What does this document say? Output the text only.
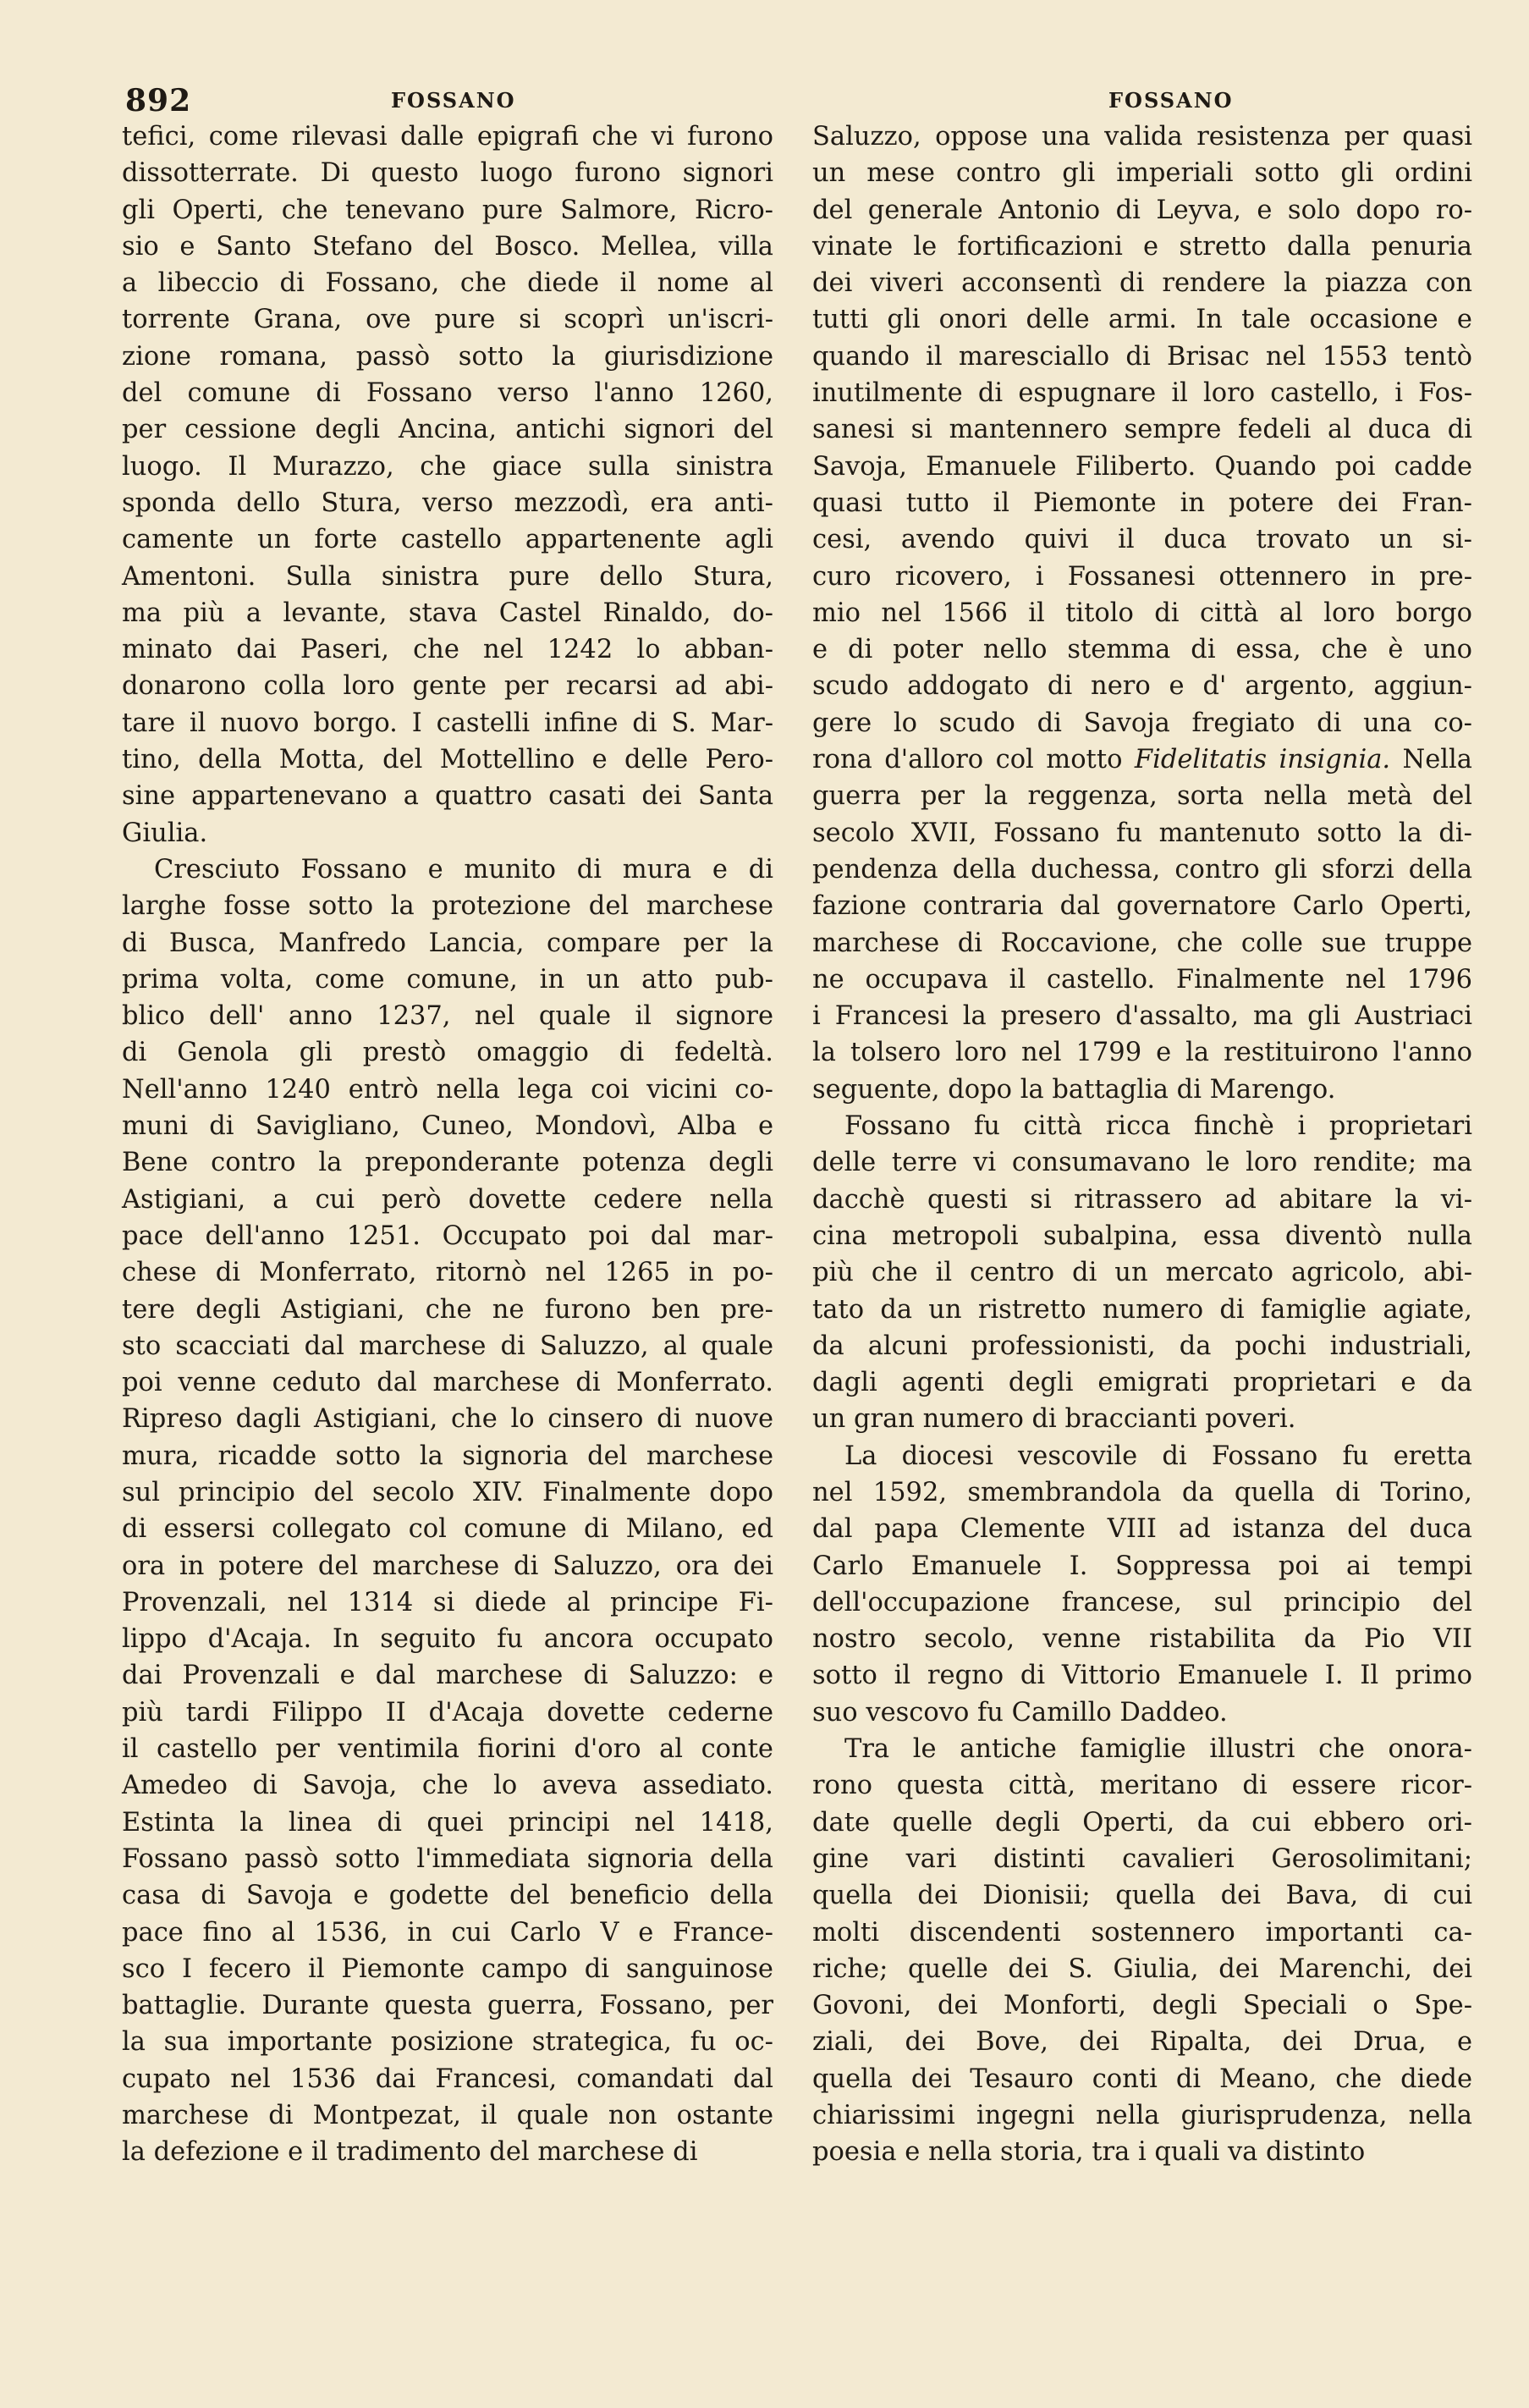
892	FOSSANO	FOSSANO
tefici, come rilevasi dalle epigrafi che vi furono
dissotterrate. Di questo luogo furono signori
gli Operti, che tenevano pure Salmore, Ricro-
sio e Santo Stefano del Bosco. Mellea, villa
a libeccio di Fossano, che diede il nome al
torrente Grana, ove pure si scoprì un'iscri-
zione romana, passò sotto la giurisdizione
del comune di Fossano verso l'anno 1260,
per cessione degli Ancina, antichi signori del
luogo. Il Murazzo, che giace sulla sinistra
sponda dello Stura, verso mezzodì, era anti-
camente un forte castello appartenente agli
Amentoni. Sulla sinistra pure dello Stura,
ma più a levante, stava Castel Rinaldo, do-
minato dai Paseri, che nel 1242 lo abban-
donarono colla loro gente per recarsi ad abi-
tare il nuovo borgo. I castelli infine di S. Mar-
tino, della Motta, del Mottellino e delle Pero-
sine appartenevano a quattro casati dei Santa
Giulia.
Cresciuto Fossano e munito di mura e di
larghe fosse sotto la protezione del marchese
di Busca, Manfredo Lancia, compare per la
prima volta, come comune, in un atto pub-
blico dell' anno 1237, nel quale il signore
di Genola gli prestò omaggio di fedeltà.
Nell'anno 1240 entrò nella lega coi vicini co-
muni di Savigliano, Cuneo, Mondovì, Alba e
Bene contro la preponderante potenza degli
Astigiani, a cui però dovette cedere nella
pace dell'anno 1251. Occupato poi dal mar-
chese di Monferrato, ritornò nel 1265 in po-
tere degli Astigiani, che ne furono ben pre-
sto scacciati dal marchese di Saluzzo, al quale
poi venne ceduto dal marchese di Monferrato.
Ripreso dagli Astigiani, che lo cinsero di nuove
mura, ricadde sotto la signoria del marchese
sul principio del secolo XIV. Finalmente dopo
di essersi collegato col comune di Milano, ed
ora in potere del marchese di Saluzzo, ora dei
Provenzali, nel 1314 si diede al principe Fi-
lippo d'Acaja. In seguito fu ancora occupato
dai Provenzali e dal marchese di Saluzzo: e
più tardi Filippo II d'Acaja dovette cederne
il castello per ventimila fiorini d'oro al conte
Amedeo di Savoja, che lo aveva assediato.
Estinta la linea di quei principi nel 1418,
Fossano passò sotto l'immediata signoria della
casa di Savoja e godette del beneficio della
pace fino al 1536, in cui Carlo V e France-
sco I fecero il Piemonte campo di sanguinose
battaglie. Durante questa guerra, Fossano, per
la sua importante posizione strategica, fu oc-
cupato nel 1536 dai Francesi, comandati dal
marchese di Montpezat, il quale non ostante
la defezione e il tradimento del marchese di
Saluzzo, oppose una valida resistenza per quasi
un mese contro gli imperiali sotto gli ordini
del generale Antonio di Leyva, e solo dopo ro-
vinate le fortificazioni e stretto dalla penuria
dei viveri acconsentì di rendere la piazza con
tutti gli onori delle armi. In tale occasione e
quando il maresciallo di Brisac nel 1553 tentò
inutilmente di espugnare il loro castello, i Fos-
sanesi si mantennero sempre fedeli al duca di
Savoja, Emanuele Filiberto. Quando poi cadde
quasi tutto il Piemonte in potere dei Fran-
cesi, avendo quivi il duca trovato un si-
curo ricovero, i Fossanesi ottennero in pre-
mio nel 1566 il titolo di città al loro borgo
e di poter nello stemma di essa, che è uno
scudo addogato di nero e d' argento, aggiun-
gere lo scudo di Savoja fregiato di una co-
rona d'alloro col motto Fidelitatis insignia. Nella
guerra per la reggenza, sorta nella metà del
secolo XVII, Fossano fu mantenuto sotto la di-
pendenza della duchessa, contro gli sforzi della
fazione contraria dal governatore Carlo Operti,
marchese di Roccavione, che colle sue truppe
ne occupava il castello. Finalmente nel 1796
i Francesi la presero d'assalto, ma gli Austriaci
la tolsero loro nel 1799 e la restituirono l'anno
seguente, dopo la battaglia di Marengo.
Fossano fu città ricca finchè i proprietari
delle terre vi consumavano le loro rendite; ma
dacchè questi si ritrassero ad abitare la vi-
cina metropoli subalpina, essa diventò nulla
più che il centro di un mercato agricolo, abi-
tato da un ristretto numero di famiglie agiate,
da alcuni professionisti, da pochi industriali,
dagli agenti degli emigrati proprietari e da
un gran numero di braccianti poveri.
La diocesi vescovile di Fossano fu eretta
nel 1592, smembrandola da quella di Torino,
dal papa Clemente VIII ad istanza del duca
Carlo Emanuele I. Soppressa poi ai tempi
dell'occupazione francese, sul principio del
nostro secolo, venne ristabilita da Pio VII
sotto il regno di Vittorio Emanuele I. Il primo
suo vescovo fu Camillo Daddeo.
Tra le antiche famiglie illustri che onora-
rono questa città, meritano di essere ricor-
date quelle degli Operti, da cui ebbero ori-
gine vari distinti cavalieri Gerosolimitani;
quella dei Dionisii; quella dei Bava, di cui
molti discendenti sostennero importanti ca-
riche; quelle dei S. Giulia, dei Marenchi, dei
Govoni, dei Monforti, degli Speciali o Spe-
ziali, dei Bove, dei Ripalta, dei Drua, e
quella dei Tesauro conti di Meano, che diede
chiarissimi ingegni nella giurisprudenza, nella
poesia e nella storia, tra i quali va distinto
